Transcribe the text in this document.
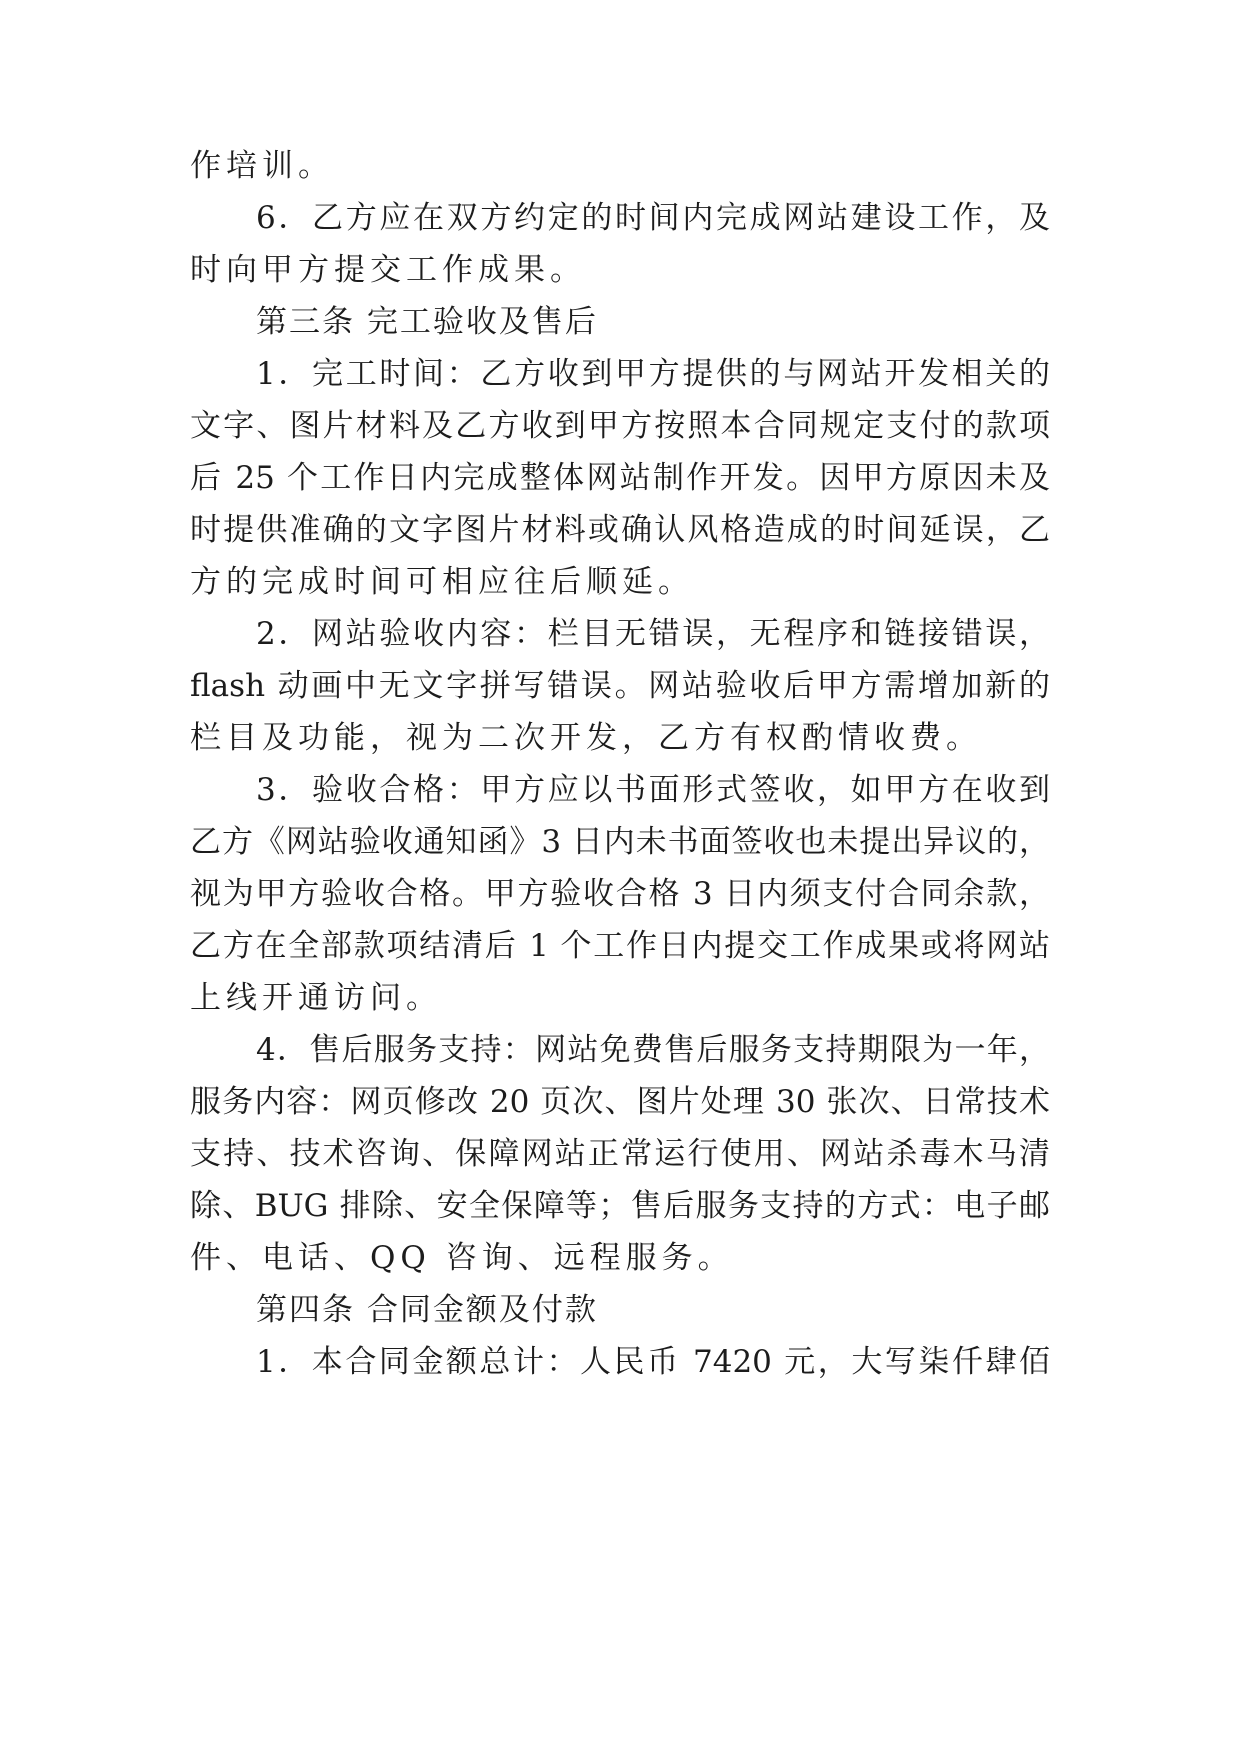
作培训。
6．乙方应在双方约定的时间内完成网站建设工作，及
时向甲方提交工作成果。
第三条 完工验收及售后
1．完工时间：乙方收到甲方提供的与网站开发相关的
文字、图片材料及乙方收到甲方按照本合同规定支付的款项
后 25 个工作日内完成整体网站制作开发。因甲方原因未及
时提供准确的文字图片材料或确认风格造成的时间延误，乙
方的完成时间可相应往后顺延。
2．网站验收内容：栏目无错误，无程序和链接错误，
flash 动画中无文字拼写错误。网站验收后甲方需增加新的
栏目及功能，视为二次开发，乙方有权酌情收费。
3．验收合格：甲方应以书面形式签收，如甲方在收到
乙方《网站验收通知函》3 日内未书面签收也未提出异议的，
视为甲方验收合格。甲方验收合格 3 日内须支付合同余款，
乙方在全部款项结清后 1 个工作日内提交工作成果或将网站
上线开通访问。
4．售后服务支持：网站免费售后服务支持期限为一年，
服务内容：网页修改 20 页次、图片处理 30 张次、日常技术
支持、技术咨询、保障网站正常运行使用、网站杀毒木马清
除、BUG 排除、安全保障等；售后服务支持的方式：电子邮
件、电话、QQ 咨询、远程服务。
第四条 合同金额及付款
1．本合同金额总计：人民币 7420 元，大写柒仟肆佰
